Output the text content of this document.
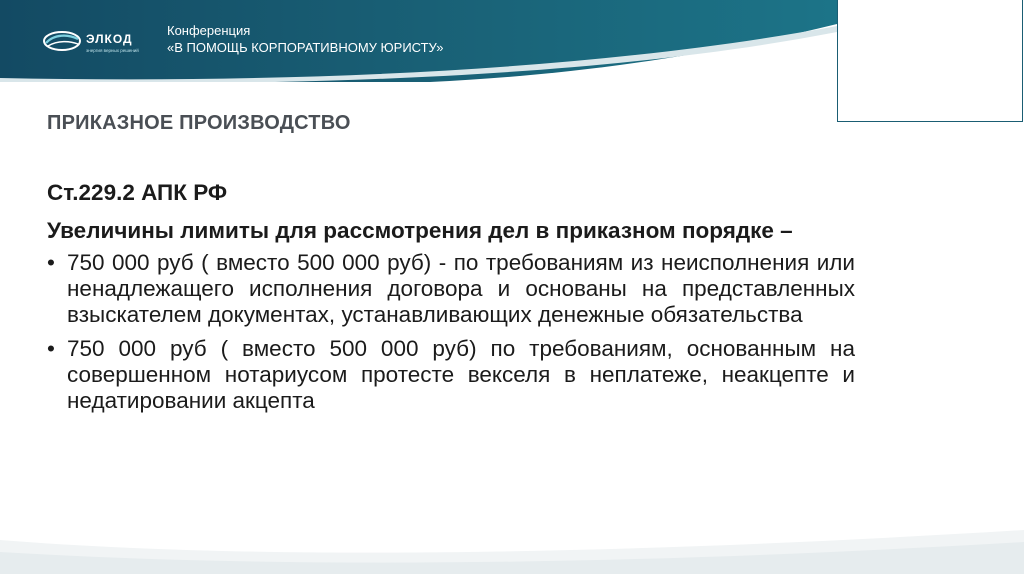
ЭЛКОД
энергия верных решений
Конференция
«В ПОМОЩЬ КОРПОРАТИВНОМУ ЮРИСТУ»
ПРИКАЗНОЕ ПРОИЗВОДСТВО
Ст.229.2 АПК РФ
Увеличины лимиты для рассмотрения дел в приказном порядке –
• 750 000 руб ( вместо 500 000 руб) - по требованиям из неисполнения или ненадлежащего исполнения договора и основаны на представленных взыскателем документах, устанавливающих денежные обязательства
• 750 000 руб ( вместо 500 000 руб) по требованиям, основанным на совершенном нотариусом протесте векселя в неплатеже, неакцепте и недатировании акцепта
